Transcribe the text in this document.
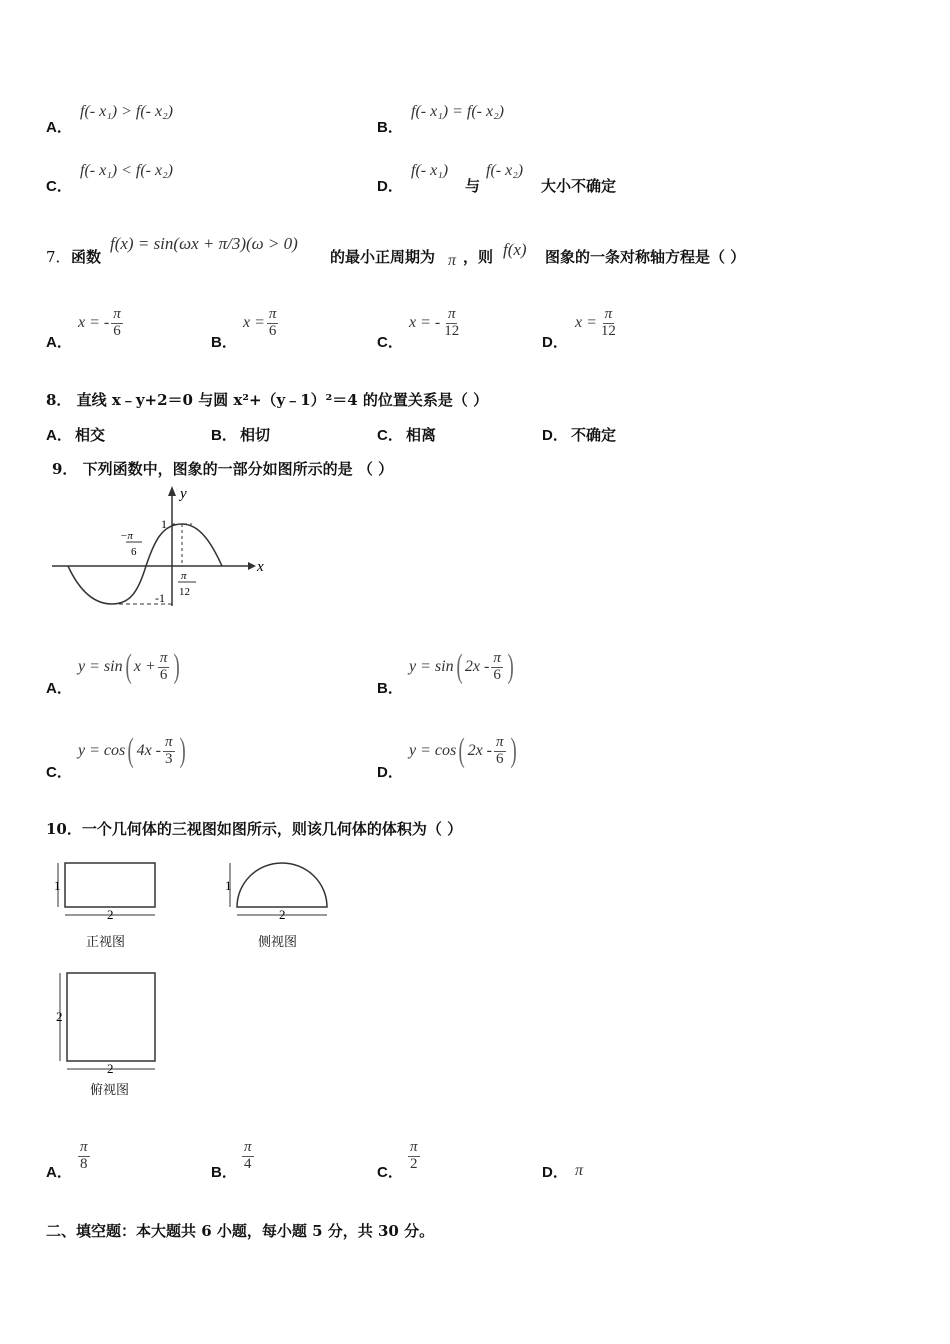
A．
f(- x₁) > f(- x₂)
B．
f(- x₁) = f(- x₂)
C．
f(- x₁) < f(- x₂)
D．
f(- x₁)
与
f(- x₂)
大小不确定
7． 函数
f(x) = sin(ωx + π/3)(ω > 0)
的最小正周期为 π ，则 f(x) 图象的一条对称轴方程是（ ）
A．
x = - $\frac{\pi}{6}$
B．
$x = \frac{\pi}{6}$
C．
x = - $\frac{\pi}{12}$
D．
$x = \frac{\pi}{12}$
8． 直线 x﹣y+2＝0 与圆 x²+（y﹣1）²＝4 的位置关系是（ ）
A． 相交	B． 相切	C． 相离	D． 不确定
9． 下列函数中，图象的一部分如图所示的是 （ ）
y
x
1
-1
−π
6
π
12
A．
y = sin ( $x + \frac{\pi}{6}$ )
B．
y = sin ( $2x - \frac{\pi}{6}$ )
C．
y = cos ( $4x - \frac{\pi}{3}$ )
D．
y = cos ( $2x - \frac{\pi}{6}$ )
10．一个几何体的三视图如图所示，则该几何体的体积为（ ）
1
2
正视图
1
2
侧视图
2
2
俯视图
A． $\frac{\pi}{8}$	B． $\frac{\pi}{4}$	C． $\frac{\pi}{2}$	D． π
二、填空题：本大题共 6 小题，每小题 5 分，共 30 分。
